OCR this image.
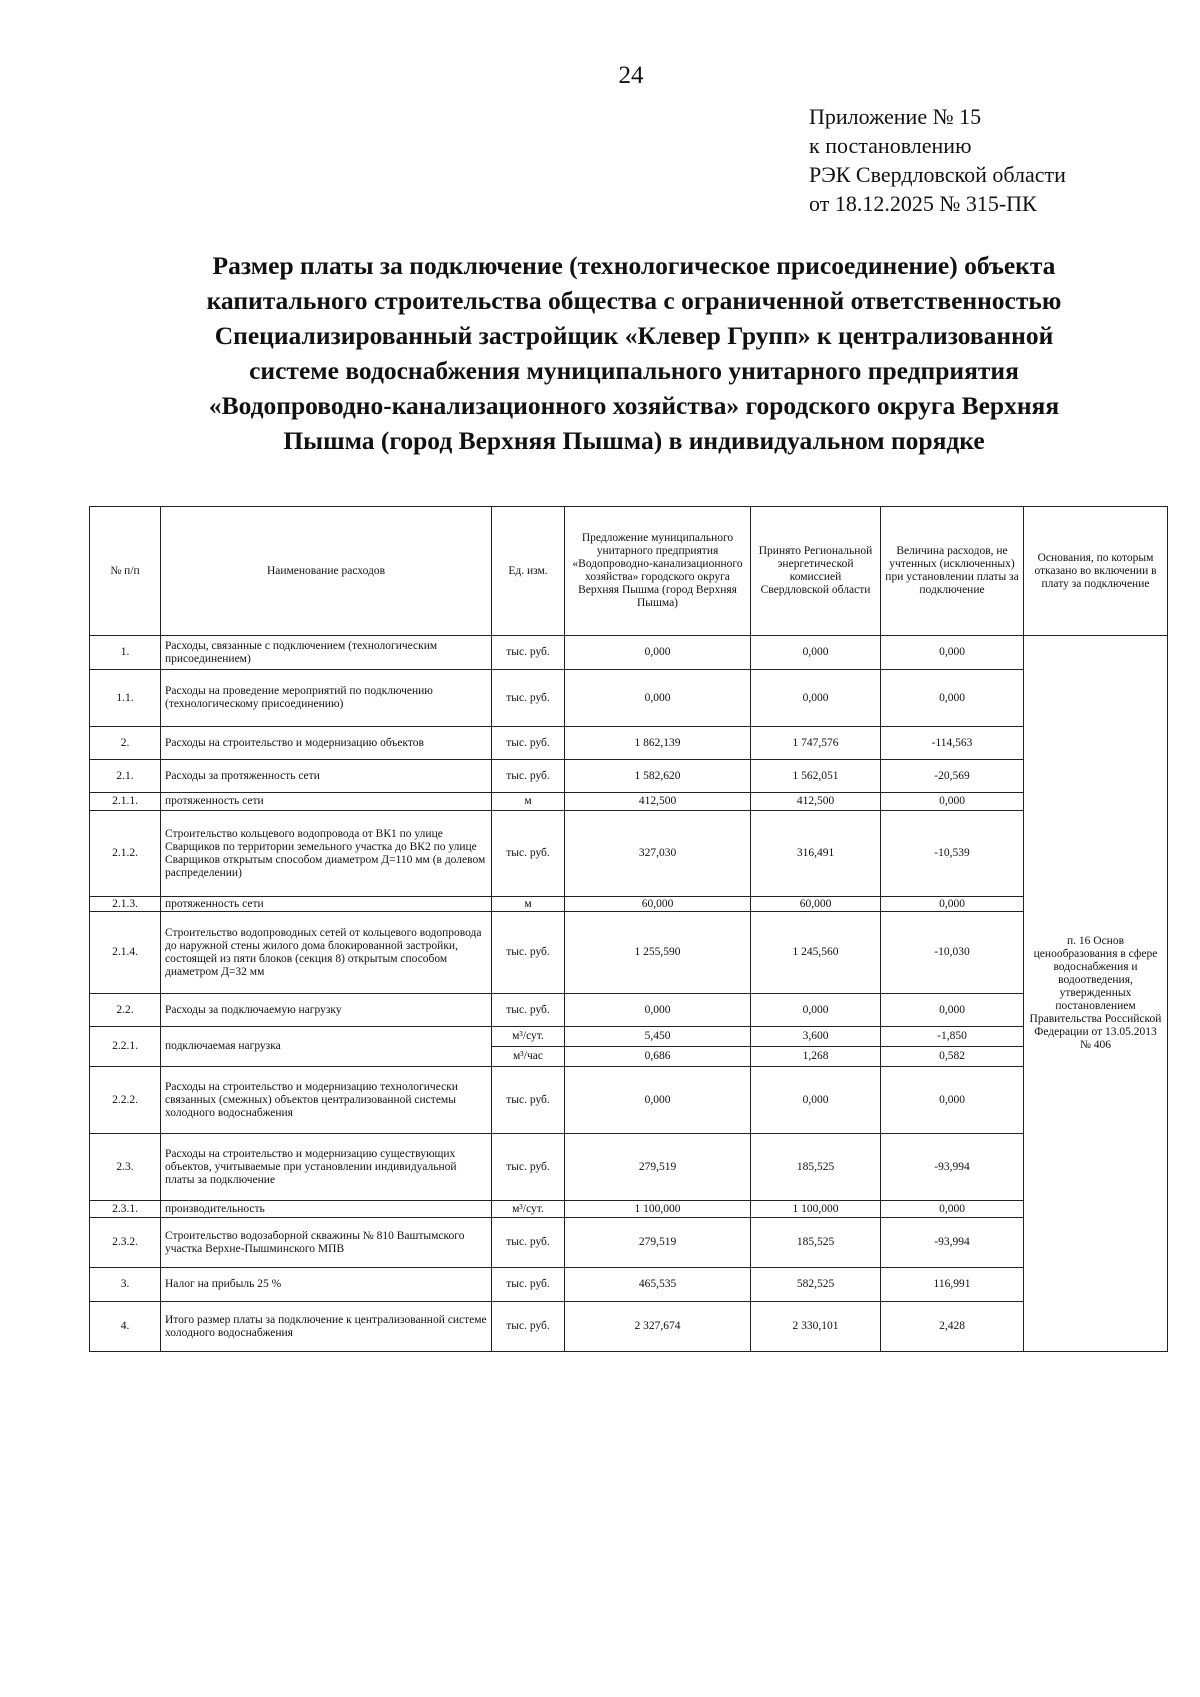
24
Приложение № 15
к постановлению
РЭК Свердловской области
от 18.12.2025 № 315-ПК
Размер платы за подключение (технологическое присоединение) объекта
капитального строительства общества с ограниченной ответственностью
Специализированный застройщик «Клевер Групп» к централизованной
системе водоснабжения муниципального унитарного предприятия
«Водопроводно-канализационного хозяйства» городского округа Верхняя
Пышма (город Верхняя Пышма) в индивидуальном порядке
№ п/п	Наименование расходов	Ед. изм.	Предложение муниципального унитарного предприятия «Водопроводно-канализационного хозяйства» городского округа Верхняя Пышма (город Верхняя Пышма)	Принято Региональной энергетической комиссией Свердловской области	Величина расходов, не учтенных (исключенных) при установлении платы за подключение	Основания, по которым отказано во включении в плату за подключение
1.	Расходы, связанные с подключением (технологическим присоединением)	тыс. руб.	0,000	0,000	0,000	п. 16 Основ ценообразования в сфере водоснабжения и водоотведения, утвержденных постановлением Правительства Российской Федерации от 13.05.2013 № 406
1.1.	Расходы на проведение мероприятий по подключению (технологическому присоединению)	тыс. руб.	0,000	0,000	0,000	
2.	Расходы на строительство и модернизацию объектов	тыс. руб.	1 862,139	1 747,576	-114,563	
2.1.	Расходы за протяженность сети	тыс. руб.	1 582,620	1 562,051	-20,569	
2.1.1.	протяженность сети	м	412,500	412,500	0,000	
2.1.2.	Строительство кольцевого водопровода от ВК1 по улице Сварщиков по территории земельного участка до ВК2 по улице Сварщиков открытым способом диаметром Д=110 мм (в долевом распределении)	тыс. руб.	327,030	316,491	-10,539	
2.1.3.	протяженность сети	м	60,000	60,000	0,000	
2.1.4.	Строительство водопроводных сетей от кольцевого водопровода до наружной стены жилого дома блокированной застройки, состоящей из пяти блоков (секция 8) открытым способом диаметром Д=32 мм	тыс. руб.	1 255,590	1 245,560	-10,030	
2.2.	Расходы за подключаемую нагрузку	тыс. руб.	0,000	0,000	0,000	
2.2.1.	подключаемая нагрузка	м³/сут.	5,450	3,600	-1,850	
		м³/час	0,686	1,268	0,582	
2.2.2.	Расходы на строительство и модернизацию технологически связанных (смежных) объектов централизованной системы холодного водоснабжения	тыс. руб.	0,000	0,000	0,000	
2.3.	Расходы на строительство и модернизацию существующих объектов, учитываемые при установлении индивидуальной платы за подключение	тыс. руб.	279,519	185,525	-93,994	
2.3.1.	производительность	м³/сут.	1 100,000	1 100,000	0,000	
2.3.2.	Строительство водозаборной скважины № 810 Ваштымского участка Верхне-Пышминского МПВ	тыс. руб.	279,519	185,525	-93,994	
3.	Налог на прибыль 25 %	тыс. руб.	465,535	582,525	116,991	
4.	Итого размер платы за подключение к централизованной системе холодного водоснабжения	тыс. руб.	2 327,674	2 330,101	2,428	
